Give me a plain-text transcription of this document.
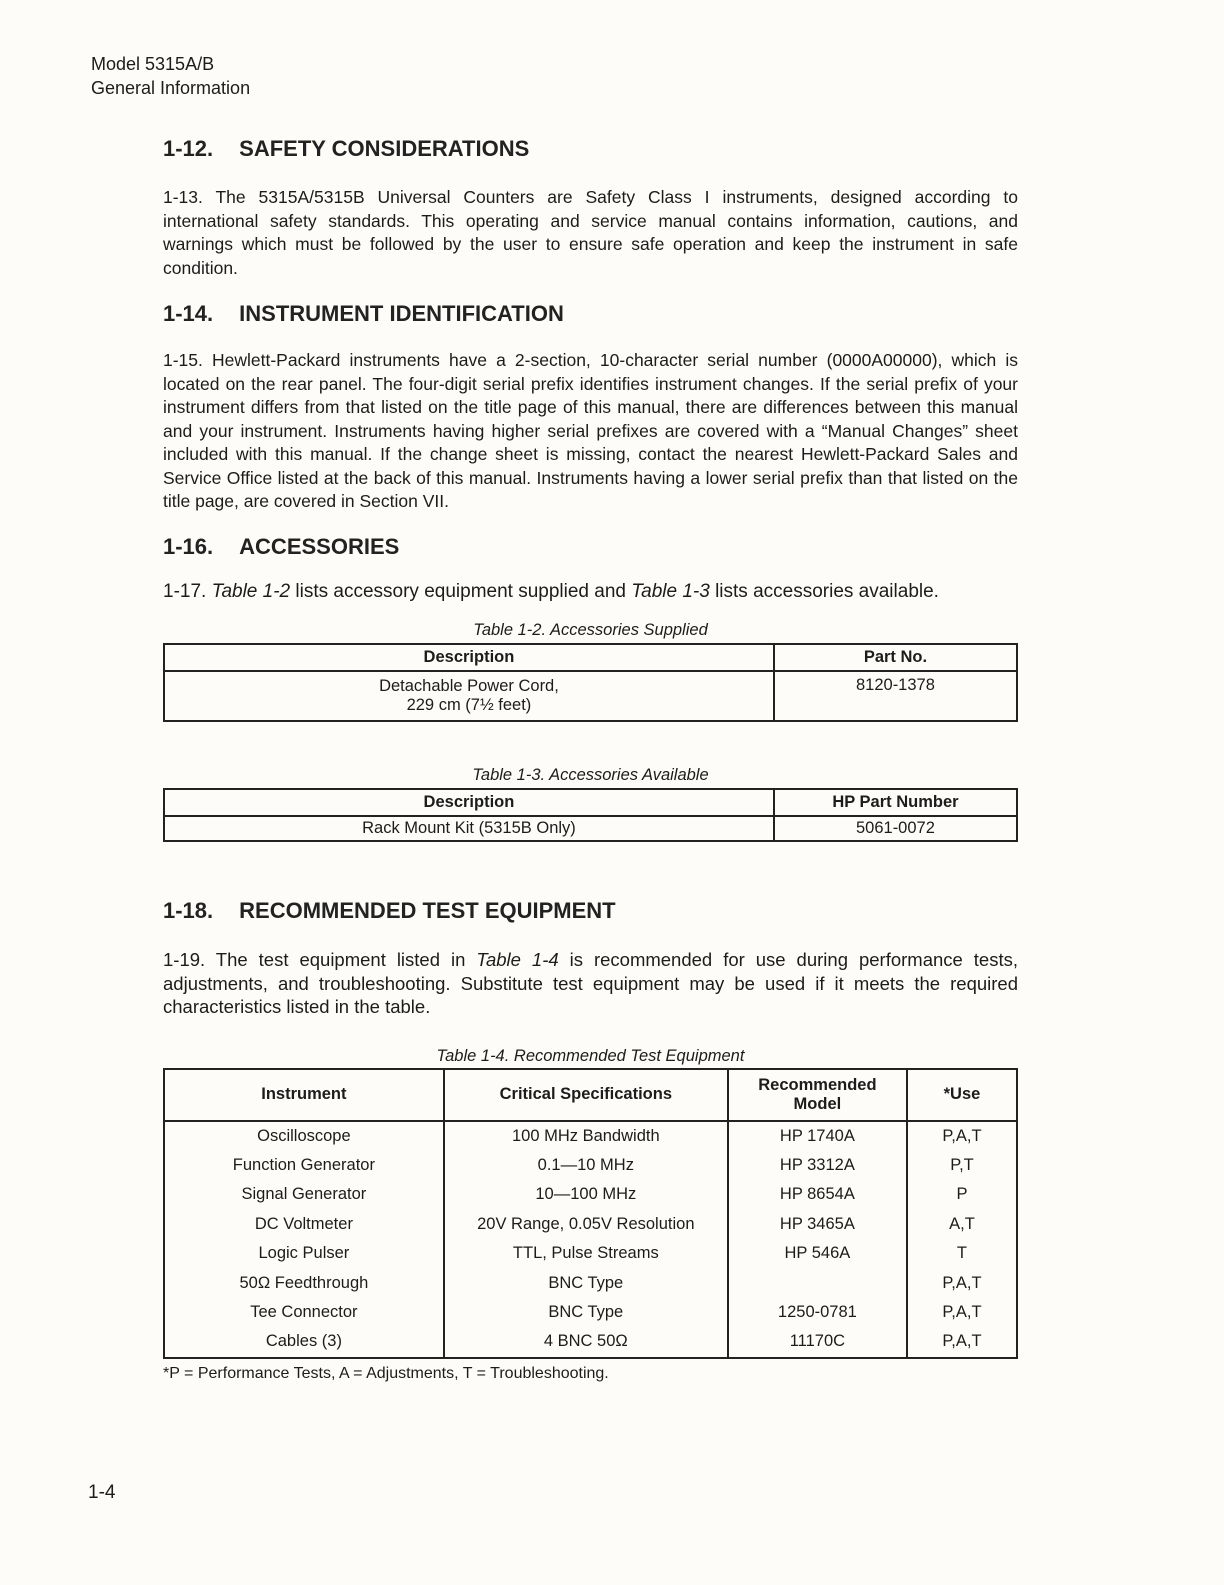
Model 5315A/B
General Information
1-12. SAFETY CONSIDERATIONS

1-13. The 5315A/5315B Universal Counters are Safety Class I instruments, designed according to international safety standards. This operating and service manual contains information, cautions, and warnings which must be followed by the user to ensure safe operation and keep the instrument in safe condition.

1-14. INSTRUMENT IDENTIFICATION

1-15. Hewlett-Packard instruments have a 2-section, 10-character serial number (0000A00000), which is located on the rear panel. The four-digit serial prefix identifies instrument changes. If the serial prefix of your instrument differs from that listed on the title page of this manual, there are differences between this manual and your instrument. Instruments having higher serial prefixes are covered with a “Manual Changes” sheet included with this manual. If the change sheet is missing, contact the nearest Hewlett-Packard Sales and Service Office listed at the back of this manual. Instruments having a lower serial prefix than that listed on the title page, are covered in Section VII.

1-16. ACCESSORIES

1-17. Table 1-2 lists accessory equipment supplied and Table 1-3 lists accessories available.

Table 1-2. Accessories Supplied
Description	Part No.

Detachable Power Cord,
229 cm (7½ feet)	8120-1378
Table 1-3. Accessories Available
Description	HP Part Number
Rack Mount Kit (5315B Only)	5061-0072
1-18. RECOMMENDED TEST EQUIPMENT

1-19. The test equipment listed in Table 1-4 is recommended for use during performance tests, adjustments, and troubleshooting. Substitute test equipment may be used if it meets the required characteristics listed in the table.

Table 1-4. Recommended Test Equipment
Instrument	Critical Specifications	Recommended Model	*Use
Oscilloscope	100 MHz Bandwidth	HP 1740A	P,A,T
Function Generator	0.1—10 MHz	HP 3312A	P,T
Signal Generator	10—100 MHz	HP 8654A	P
DC Voltmeter	20V Range, 0.05V Resolution	HP 3465A	A,T
Logic Pulser	TTL, Pulse Streams	HP 546A	T
50Ω Feedthrough	BNC Type		P,A,T
Tee Connector	BNC Type	1250-0781	P,A,T
Cables (3)	4 BNC 50Ω	11170C	P,A,T
*P = Performance Tests, A = Adjustments, T = Troubleshooting.
1-4
